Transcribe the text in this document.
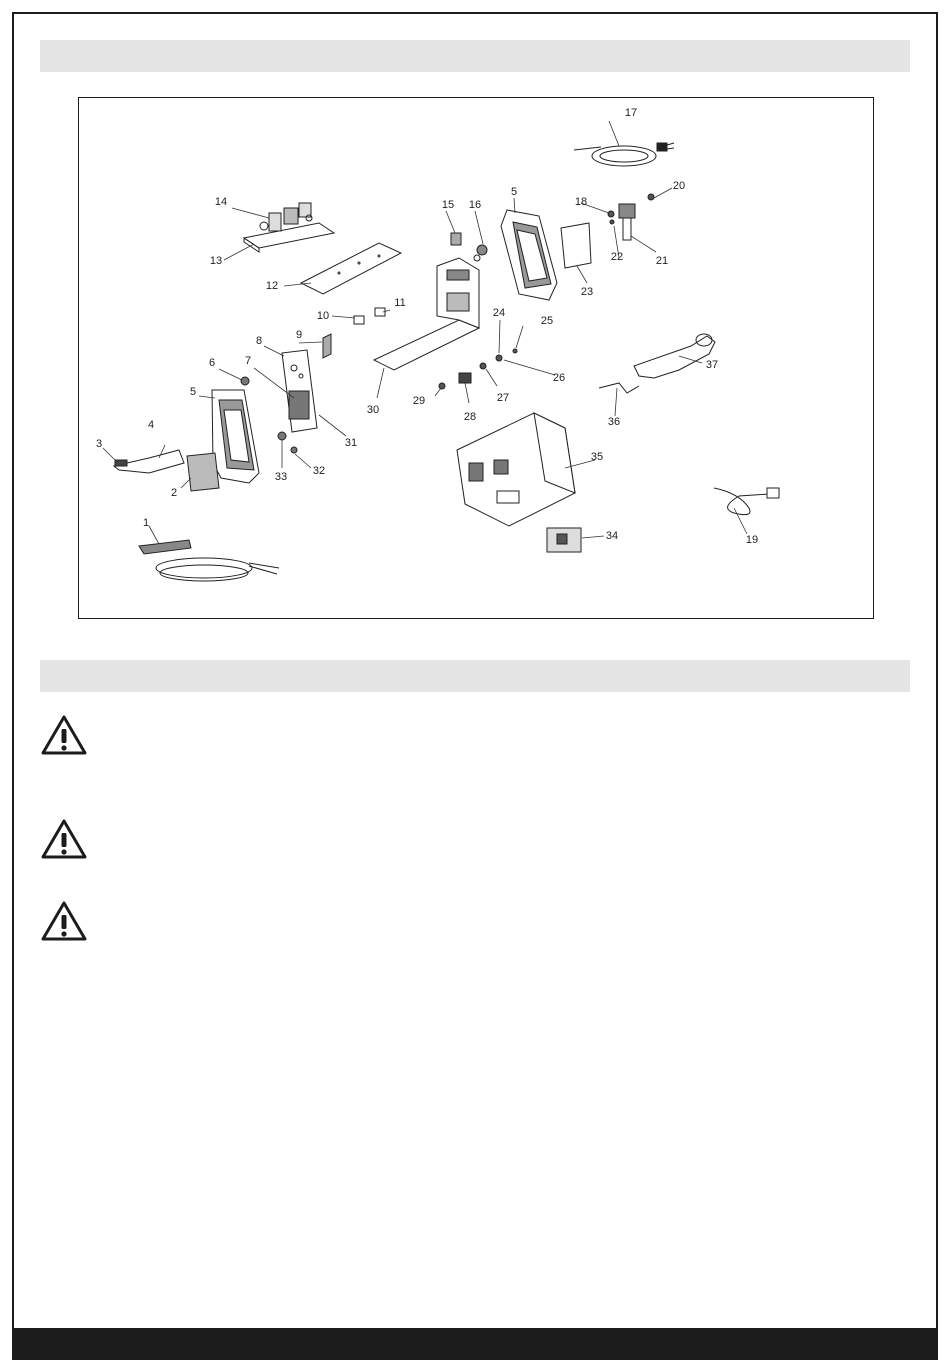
17
14
13
12
10
11
9
15 16
5
18
20
21
22
23
24
25
26
27
28
29
30
8
7
6
5
31
32
33
4
3
2
1
34
35
36
37
19
